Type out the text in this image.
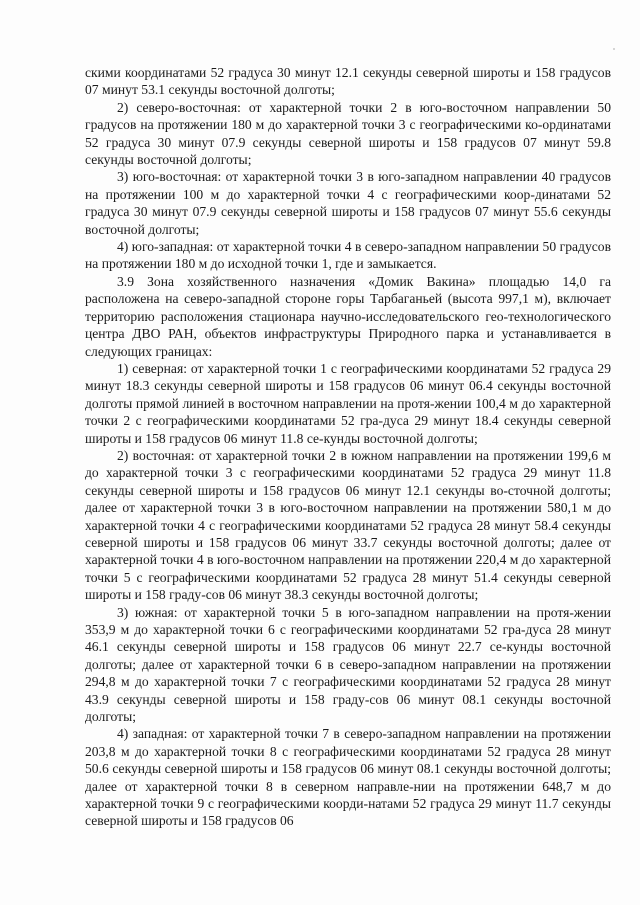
скими координатами 52 градуса 30 минут 12.1 секунды северной широты и 158 градусов 07 минут 53.1 секунды восточной долготы;

2) северо-восточная: от характерной точки 2 в юго-восточном направлении 50 градусов на протяжении 180 м до характерной точки 3 с географическими ко-ординатами 52 градуса 30 минут 07.9 секунды северной широты и 158 градусов 07 минут 59.8 секунды восточной долготы;

3) юго-восточная: от характерной точки 3 в юго-западном направлении 40 градусов на протяжении 100 м до характерной точки 4 с географическими коор-динатами 52 градуса 30 минут 07.9 секунды северной широты и 158 градусов 07 минут 55.6 секунды восточной долготы;

4) юго-западная: от характерной точки 4 в северо-западном направлении 50 градусов на протяжении 180 м до исходной точки 1, где и замыкается.

3.9 Зона хозяйственного назначения «Домик Вакина» площадью 14,0 га расположена на северо-западной стороне горы Тарбаганьей (высота 997,1 м), включает территорию расположения стационара научно-исследовательского гео-технологического центра ДВО РАН, объектов инфраструктуры Природного парка и устанавливается в следующих границах:

1) северная: от характерной точки 1 с географическими координатами 52 градуса 29 минут 18.3 секунды северной широты и 158 градусов 06 минут 06.4 секунды восточной долготы прямой линией в восточном направлении на протя-жении 100,4 м до характерной точки 2 с географическими координатами 52 гра-дуса 29 минут 18.4 секунды северной широты и 158 градусов 06 минут 11.8 се-кунды восточной долготы;

2) восточная: от характерной точки 2 в южном направлении на протяжении 199,6 м до характерной точки 3 с географическими координатами 52 градуса 29 минут 11.8 секунды северной широты и 158 градусов 06 минут 12.1 секунды во-сточной долготы; далее от характерной точки 3 в юго-восточном направлении на протяжении 580,1 м до характерной точки 4 с географическими координатами 52 градуса 28 минут 58.4 секунды северной широты и 158 градусов 06 минут 33.7 секунды восточной долготы; далее от характерной точки 4 в юго-восточном направлении на протяжении 220,4 м до характерной точки 5 с географическими координатами 52 градуса 28 минут 51.4 секунды северной широты и 158 граду-сов 06 минут 38.3 секунды восточной долготы;

3) южная: от характерной точки 5 в юго-западном направлении на протя-жении 353,9 м до характерной точки 6 с географическими координатами 52 гра-дуса 28 минут 46.1 секунды северной широты и 158 градусов 06 минут 22.7 се-кунды восточной долготы; далее от характерной точки 6 в северо-западном направлении на протяжении 294,8 м до характерной точки 7 с географическими координатами 52 градуса 28 минут 43.9 секунды северной широты и 158 граду-сов 06 минут 08.1 секунды восточной долготы;

4) западная: от характерной точки 7 в северо-западном направлении на протяжении 203,8 м до характерной точки 8 с географическими координатами 52 градуса 28 минут 50.6 секунды северной широты и 158 градусов 06 минут 08.1 секунды восточной долготы; далее от характерной точки 8 в северном направле-нии на протяжении 648,7 м до характерной точки 9 с географическими коорди-натами 52 градуса 29 минут 11.7 секунды северной широты и 158 градусов 06
